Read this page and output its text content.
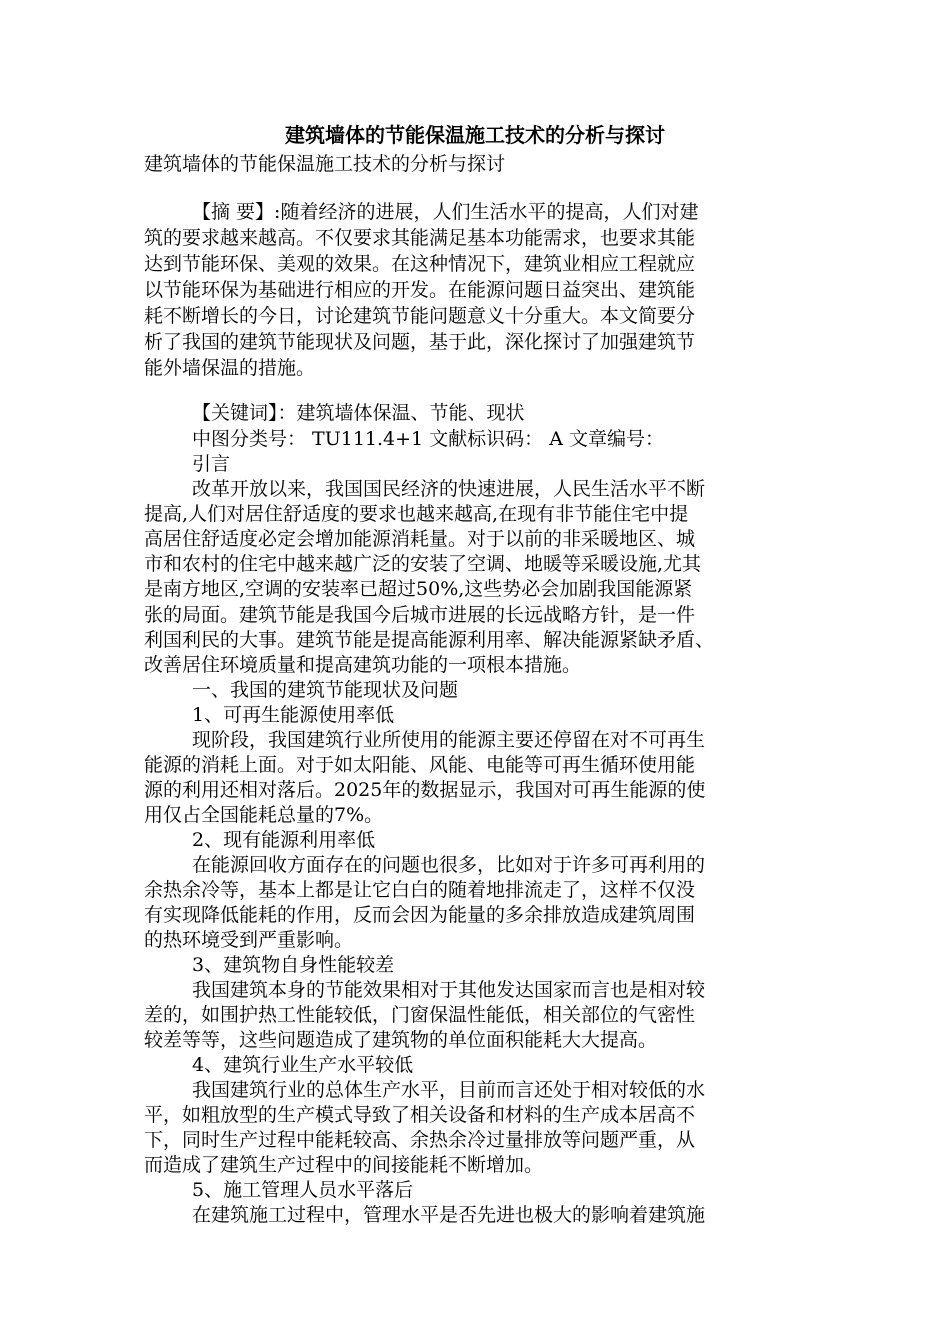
建筑墙体的节能保温施工技术的分析与探讨
建筑墙体的节能保温施工技术的分析与探讨
【摘 要】:随着经济的进展，人们生活水平的提高，人们对建
筑的要求越来越高。不仅要求其能满足基本功能需求，也要求其能
达到节能环保、美观的效果。在这种情况下，建筑业相应工程就应
以节能环保为基础进行相应的开发。在能源问题日益突出、建筑能
耗不断增长的今日，讨论建筑节能问题意义十分重大。本文简要分
析了我国的建筑节能现状及问题，基于此，深化探讨了加强建筑节
能外墙保温的措施。
【关键词】：建筑墙体保温、节能、现状
中图分类号： TU111.4+1 文献标识码： A 文章编号：
引言
改革开放以来，我国国民经济的快速进展，人民生活水平不断
提高,人们对居住舒适度的要求也越来越高,在现有非节能住宅中提
高居住舒适度必定会增加能源消耗量。对于以前的非采暖地区、城
市和农村的住宅中越来越广泛的安装了空调、地暖等采暖设施,尤其
是南方地区,空调的安装率已超过50%,这些势必会加剧我国能源紧
张的局面。建筑节能是我国今后城市进展的长远战略方针，是一件
利国利民的大事。建筑节能是提高能源利用率、解决能源紧缺矛盾、
改善居住环境质量和提高建筑功能的一项根本措施。
一、我国的建筑节能现状及问题
1、可再生能源使用率低
现阶段，我国建筑行业所使用的能源主要还停留在对不可再生
能源的消耗上面。对于如太阳能、风能、电能等可再生循环使用能
源的利用还相对落后。2025年的数据显示，我国对可再生能源的使
用仅占全国能耗总量的7%。
2、现有能源利用率低
在能源回收方面存在的问题也很多，比如对于许多可再利用的
余热余冷等，基本上都是让它白白的随着地排流走了，这样不仅没
有实现降低能耗的作用，反而会因为能量的多余排放造成建筑周围
的热环境受到严重影响。
3、建筑物自身性能较差
我国建筑本身的节能效果相对于其他发达国家而言也是相对较
差的，如围护热工性能较低，门窗保温性能低，相关部位的气密性
较差等等，这些问题造成了建筑物的单位面积能耗大大提高。
4、建筑行业生产水平较低
我国建筑行业的总体生产水平，目前而言还处于相对较低的水
平，如粗放型的生产模式导致了相关设备和材料的生产成本居高不
下，同时生产过程中能耗较高、余热余冷过量排放等问题严重，从
而造成了建筑生产过程中的间接能耗不断增加。
5、施工管理人员水平落后
在建筑施工过程中，管理水平是否先进也极大的影响着建筑施
